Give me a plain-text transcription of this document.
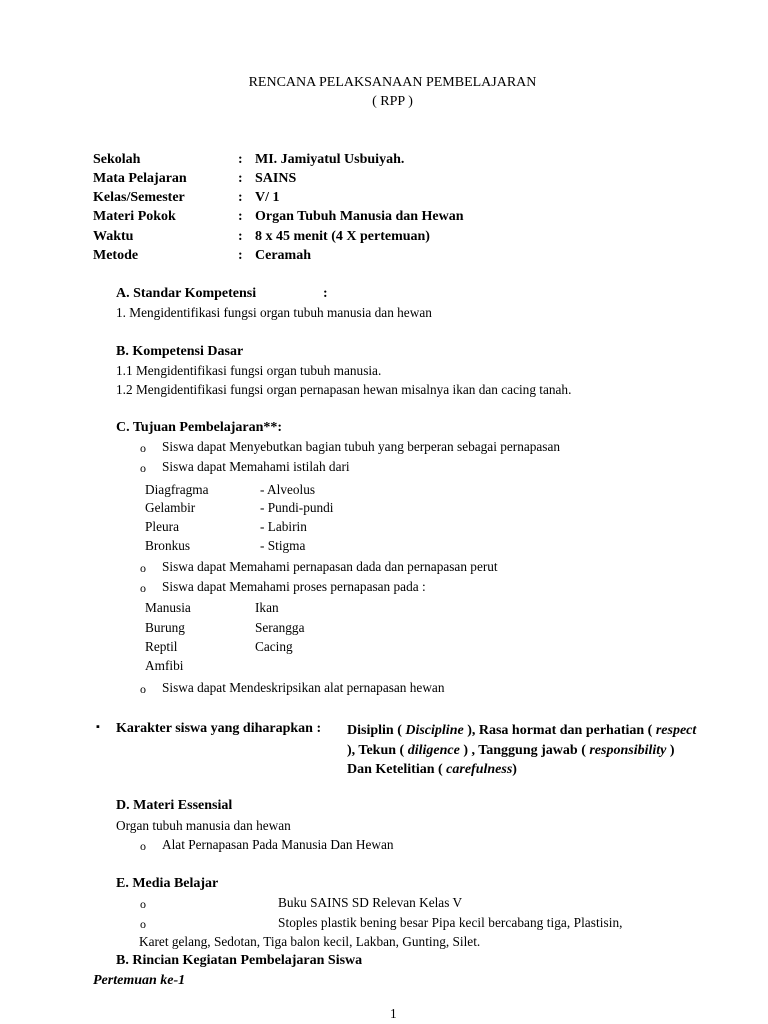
RENCANA PELAKSANAAN PEMBELAJARAN
( RPP )
Sekolah	: MI. Jamiyatul Usbuiyah.
Mata Pelajaran	: SAINS
Kelas/Semester	: V/ 1
Materi Pokok	: Organ Tubuh Manusia dan Hewan
Waktu	: 8 x 45 menit (4 X pertemuan)
Metode	: Ceramah
A. Standar Kompetensi	:
1. Mengidentifikasi fungsi organ tubuh manusia dan hewan
B. Kompetensi Dasar
1.1 Mengidentifikasi fungsi organ tubuh manusia.
1.2 Mengidentifikasi fungsi organ pernapasan hewan misalnya ikan dan cacing tanah.
C. Tujuan Pembelajaran**:
o Siswa dapat Menyebutkan bagian tubuh yang berperan sebagai pernapasan
o Siswa dapat Memahami istilah dari
Diagfragma	- Alveolus
Gelambir	- Pundi-pundi
Pleura	- Labirin
Bronkus	- Stigma
o Siswa dapat Memahami pernapasan dada dan pernapasan perut
o Siswa dapat Memahami proses pernapasan pada :
Manusia	Ikan
Burung	Serangga
Reptil	Cacing
Amfibi
o Siswa dapat Mendeskripsikan alat pernapasan hewan
▪ Karakter siswa yang diharapkan : Disiplin ( Discipline ), Rasa hormat dan perhatian ( respect ), Tekun ( diligence ) , Tanggung jawab ( responsibility ) Dan Ketelitian ( carefulness)
D. Materi Essensial
Organ tubuh manusia dan hewan
o Alat Pernapasan Pada Manusia Dan Hewan
E. Media Belajar
o	Buku SAINS SD Relevan Kelas V
o	Stoples plastik bening besar Pipa kecil bercabang tiga, Plastisin,
Karet gelang, Sedotan, Tiga balon kecil, Lakban, Gunting, Silet.
B. Rincian Kegiatan Pembelajaran Siswa
Pertemuan ke-1
1
